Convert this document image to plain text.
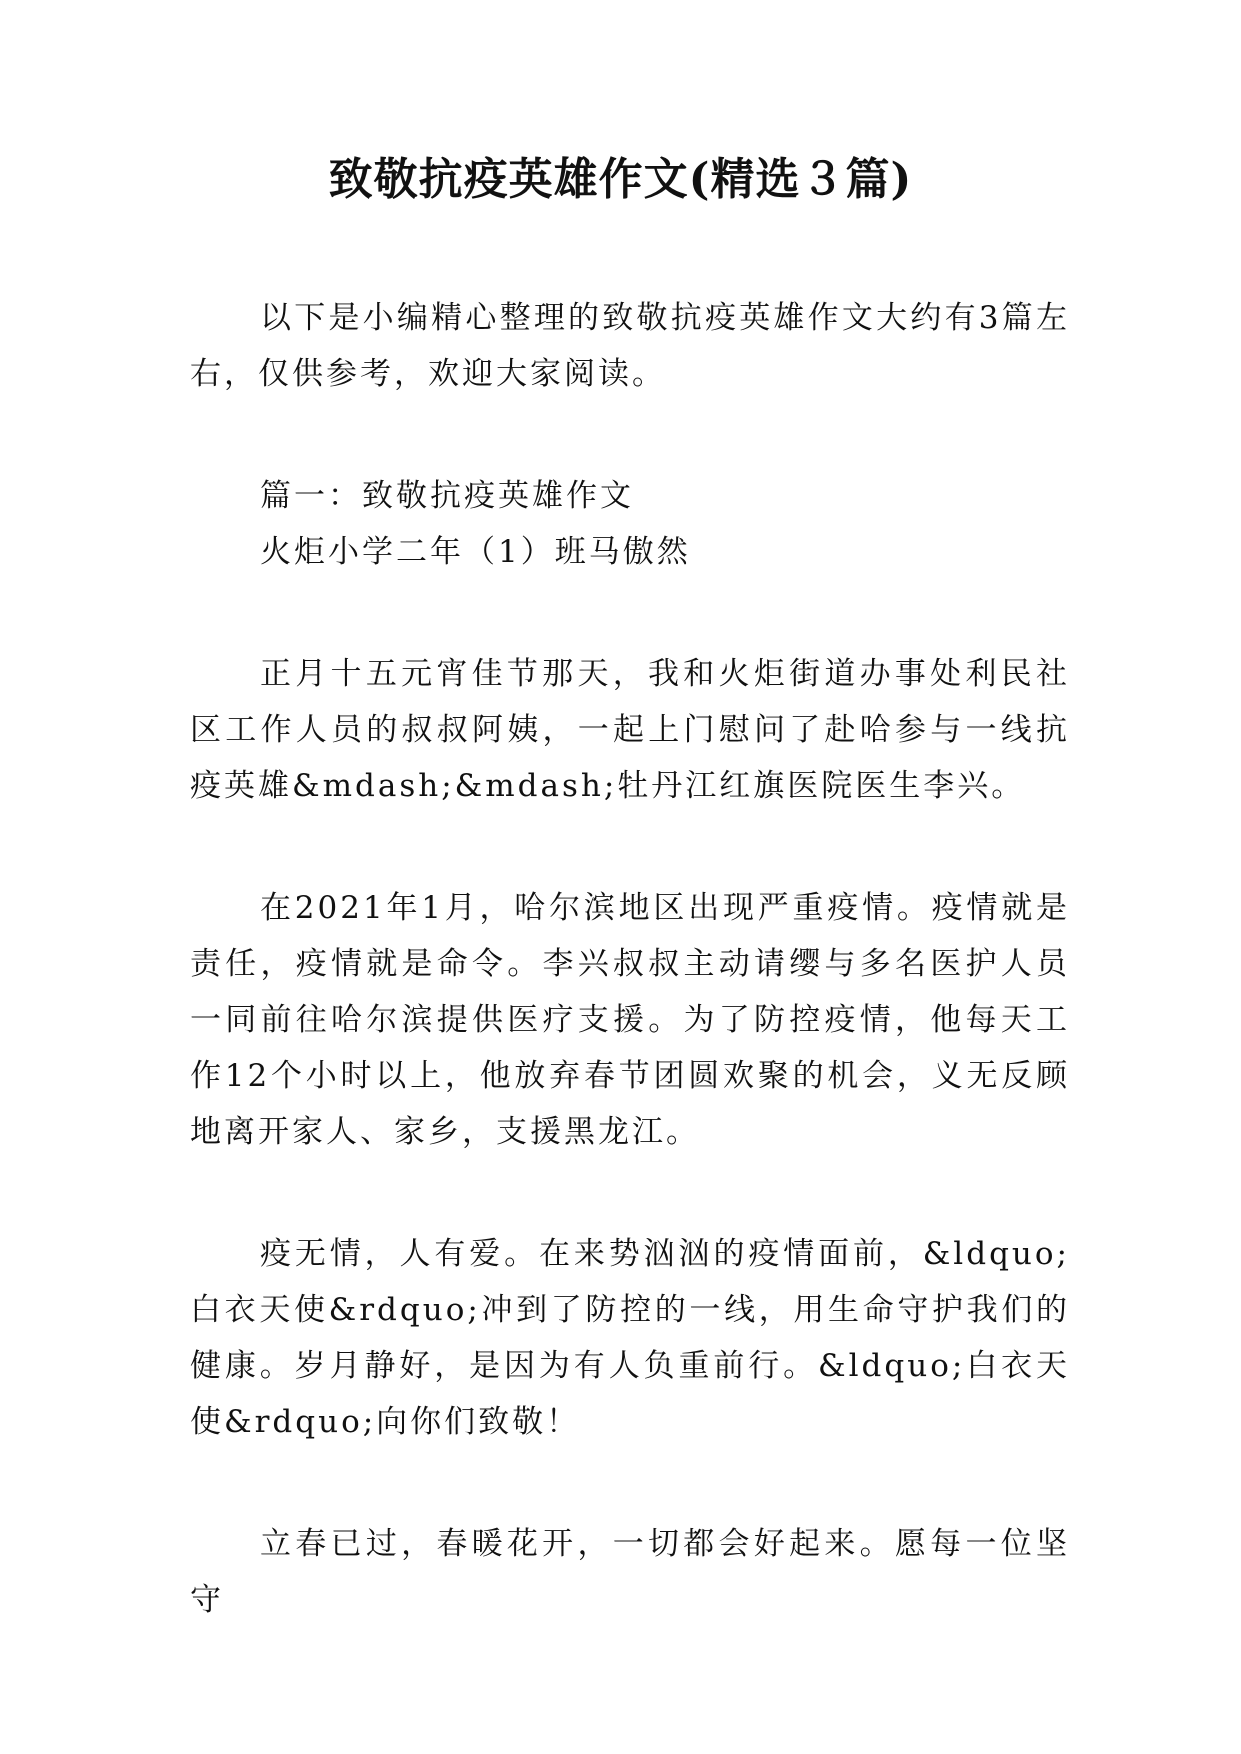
致敬抗疫英雄作文(精选３篇)

以下是小编精心整理的致敬抗疫英雄作文大约有3篇左右，仅供参考，欢迎大家阅读。

篇一：致敬抗疫英雄作文

火炬小学二年（1）班马傲然

正月十五元宵佳节那天，我和火炬街道办事处利民社区工作人员的叔叔阿姨，一起上门慰问了赴哈参与一线抗疫英雄&mdash;&mdash;牡丹江红旗医院医生李兴。

在2021年1月，哈尔滨地区出现严重疫情。疫情就是责任，疫情就是命令。李兴叔叔主动请缨与多名医护人员一同前往哈尔滨提供医疗支援。为了防控疫情，他每天工作12个小时以上，他放弃春节团圆欢聚的机会，义无反顾地离开家人、家乡，支援黑龙江。

疫无情，人有爱。在来势汹汹的疫情面前，&ldquo;白衣天使&rdquo;冲到了防控的一线，用生命守护我们的健康。岁月静好，是因为有人负重前行。&ldquo;白衣天使&rdquo;向你们致敬！

立春已过，春暖花开，一切都会好起来。愿每一位坚守
